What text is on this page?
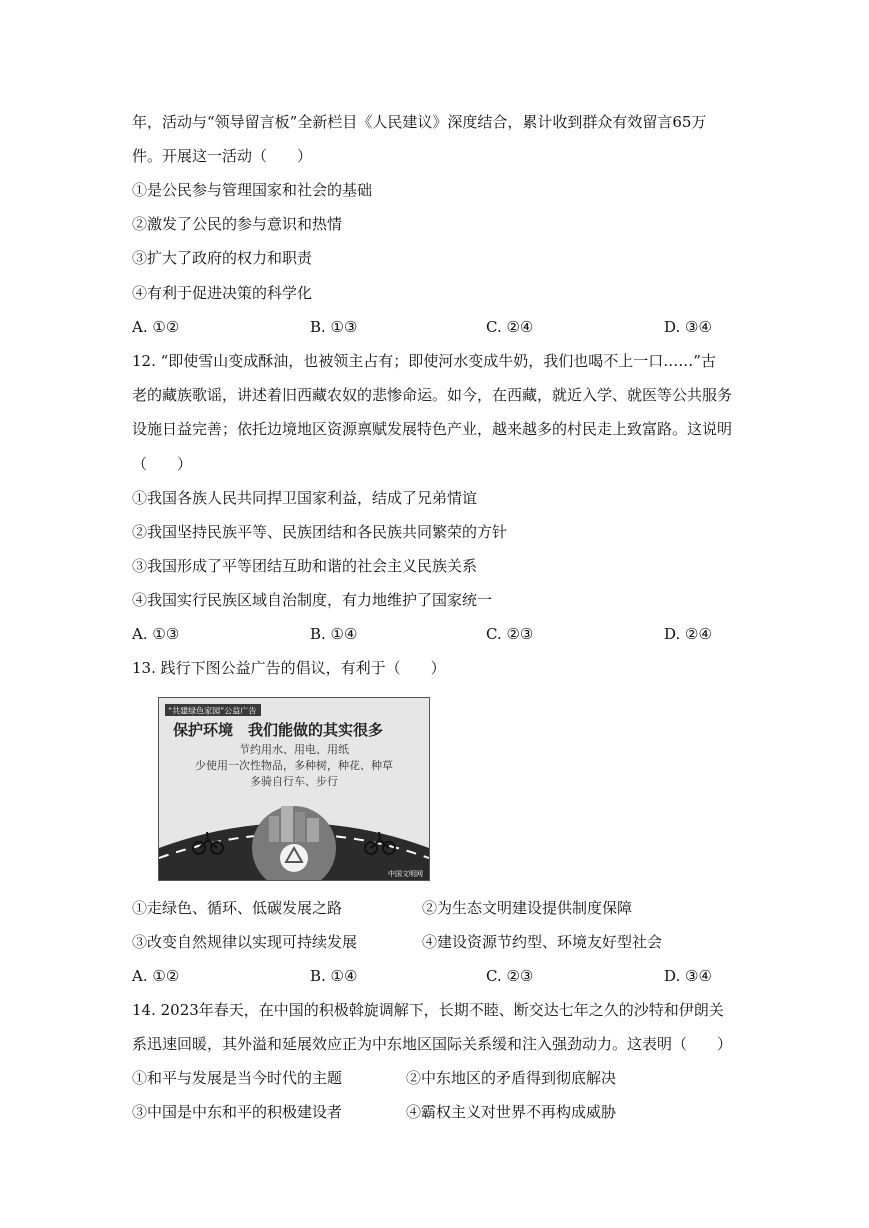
年，活动与“领导留言板”全新栏目《人民建议》深度结合，累计收到群众有效留言65万
件。开展这一活动（　　）
①是公民参与管理国家和社会的基础
②激发了公民的参与意识和热情
③扩大了政府的权力和职责
④有利于促进决策的科学化
A. ①②	B. ①③	C. ②④	D. ③④
12. “即使雪山变成酥油，也被领主占有；即使河水变成牛奶，我们也喝不上一口……”古
老的藏族歌谣，讲述着旧西藏农奴的悲惨命运。如今，在西藏，就近入学、就医等公共服务
设施日益完善；依托边境地区资源禀赋发展特色产业，越来越多的村民走上致富路。这说明
（　　）
①我国各族人民共同捍卫国家利益，结成了兄弟情谊
②我国坚持民族平等、民族团结和各民族共同繁荣的方针
③我国形成了平等团结互助和谐的社会主义民族关系
④我国实行民族区域自治制度，有力地维护了国家统一
A. ①③	B. ①④	C. ②③	D. ②④
13. 践行下图公益广告的倡议，有利于（　　）
“共建绿色家园”公益广告
保护环境　我们能做的其实很多
节约用水、用电、用纸
少使用一次性物品，多种树，种花、种草
多骑自行车、步行
中国文明网
①走绿色、循环、低碳发展之路	②为生态文明建设提供制度保障
③改变自然规律以实现可持续发展	④建设资源节约型、环境友好型社会
A. ①②	B. ①④	C. ②③	D. ③④
14. 2023年春天，在中国的积极斡旋调解下，长期不睦、断交达七年之久的沙特和伊朗关
系迅速回暖，其外溢和延展效应正为中东地区国际关系缓和注入强劲动力。这表明（　　）
①和平与发展是当今时代的主题	②中东地区的矛盾得到彻底解决
③中国是中东和平的积极建设者	④霸权主义对世界不再构成威胁
